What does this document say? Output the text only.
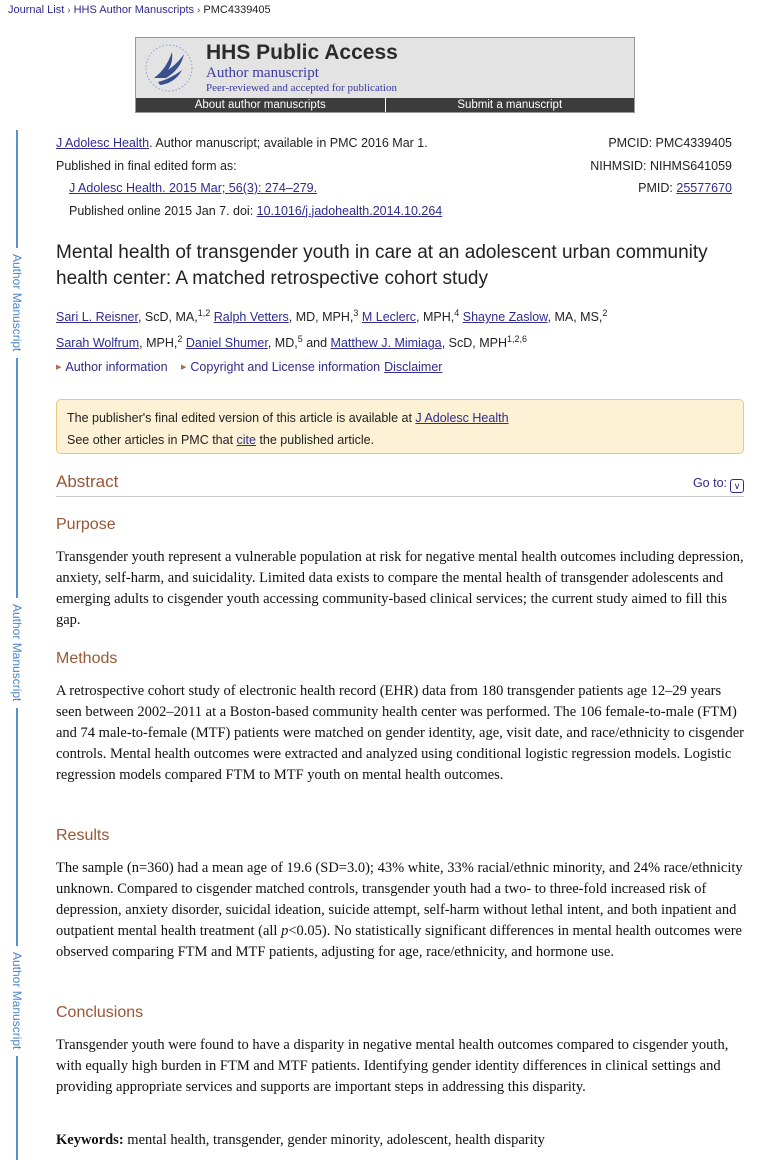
Journal List › HHS Author Manuscripts › PMC4339405
HHS Public Access
Author manuscript
Peer-reviewed and accepted for publication
About author manuscripts	Submit a manuscript
Author Manuscript
Author Manuscript
Author Manuscript
J Adolesc Health. Author manuscript; available in PMC 2016 Mar 1.	PMCID: PMC4339405
Published in final edited form as:	NIHMSID: NIHMS641059
J Adolesc Health. 2015 Mar; 56(3): 274–279.	PMID: 25577670
Published online 2015 Jan 7. doi: 10.1016/j.jadohealth.2014.10.264
Mental health of transgender youth in care at an adolescent urban community health center: A matched retrospective cohort study
Sari L. Reisner, ScD, MA,$^{1,2}$ Ralph Vetters, MD, MPH,$^3$ M Leclerc, MPH,$^4$ Shayne Zaslow, MA, MS,$^2$
Sarah Wolfrum, MPH,$^2$ Daniel Shumer, MD,$^5$ and Matthew J. Mimiaga, ScD, MPH$^{1,2,6}$
▶ Author information ▶ Copyright and License information Disclaimer
The publisher's final edited version of this article is available at J Adolesc Health
See other articles in PMC that cite the published article.
Abstract	Go to: ∨
Purpose

Transgender youth represent a vulnerable population at risk for negative mental health outcomes including depression, anxiety, self-harm, and suicidality. Limited data exists to compare the mental health of transgender adolescents and emerging adults to cisgender youth accessing community-based clinical services; the current study aimed to fill this gap.

Methods

A retrospective cohort study of electronic health record (EHR) data from 180 transgender patients age 12–29 years seen between 2002–2011 at a Boston-based community health center was performed. The 106 female-to-male (FTM) and 74 male-to-female (MTF) patients were matched on gender identity, age, visit date, and race/ethnicity to cisgender controls. Mental health outcomes were extracted and analyzed using conditional logistic regression models. Logistic regression models compared FTM to MTF youth on mental health outcomes.

Results

The sample (n=360) had a mean age of 19.6 (SD=3.0); 43% white, 33% racial/ethnic minority, and 24% race/ethnicity unknown. Compared to cisgender matched controls, transgender youth had a two- to three-fold increased risk of depression, anxiety disorder, suicidal ideation, suicide attempt, self-harm without lethal intent, and both inpatient and outpatient mental health treatment (all p<0.05). No statistically significant differences in mental health outcomes were observed comparing FTM and MTF patients, adjusting for age, race/ethnicity, and hormone use.

Conclusions

Transgender youth were found to have a disparity in negative mental health outcomes compared to cisgender youth, with equally high burden in FTM and MTF patients. Identifying gender identity differences in clinical settings and providing appropriate services and supports are important steps in addressing this disparity.

Keywords: mental health, transgender, gender minority, adolescent, health disparity
